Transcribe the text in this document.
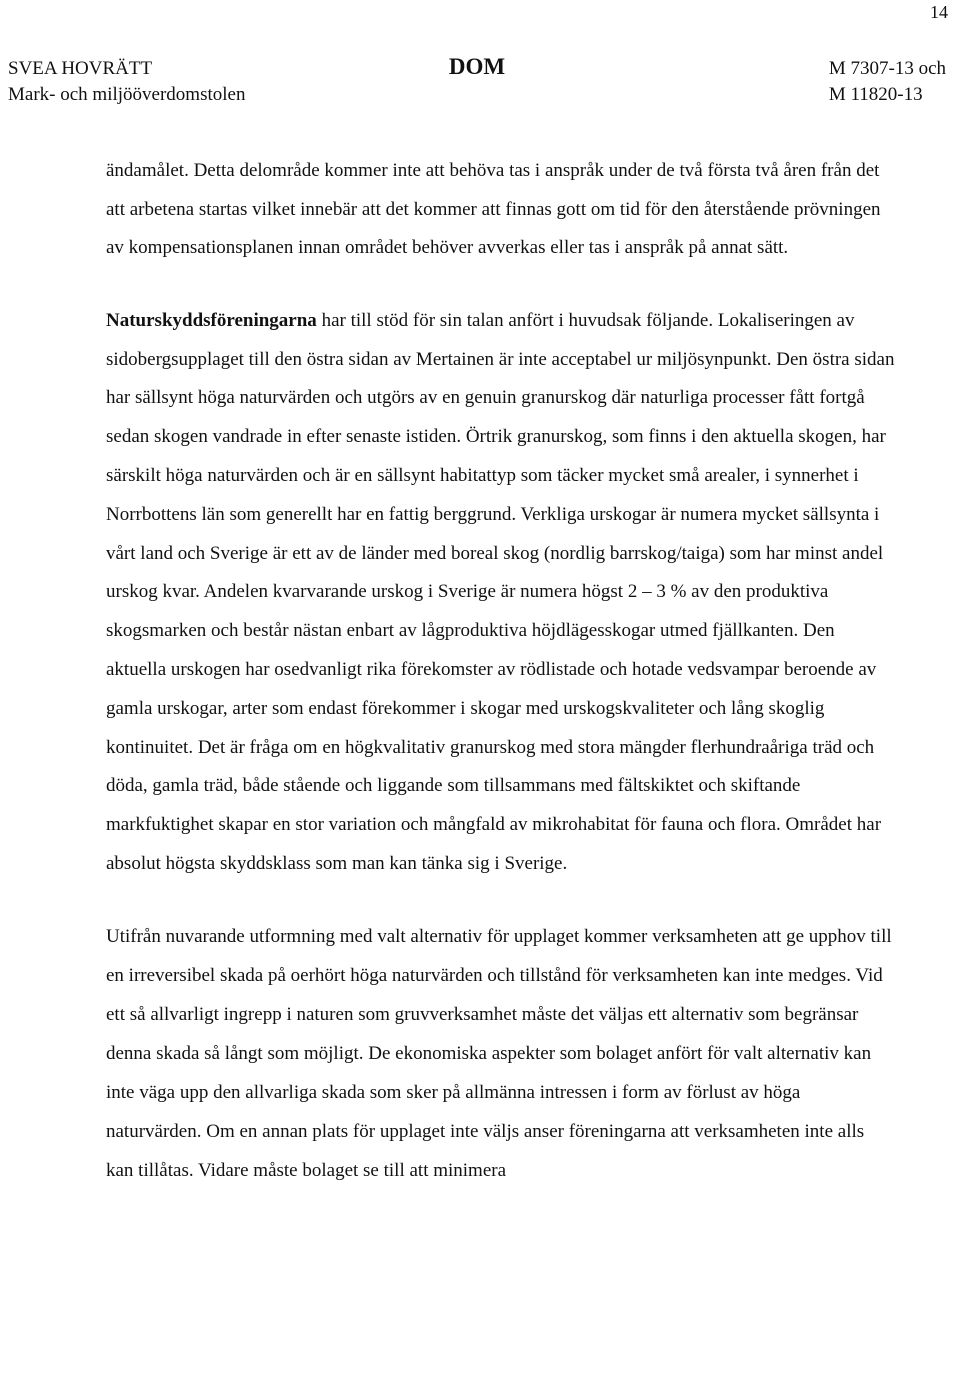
14
SVEA HOVRÄTT
Mark- och miljööverdomstolen
DOM	M 7307-13 och
M 11820-13

ändamålet. Detta delområde kommer inte att behöva tas i anspråk under de två första två åren från det att arbetena startas vilket innebär att det kommer att finnas gott om tid för den återstående prövningen av kompensationsplanen innan området behöver avverkas eller tas i anspråk på annat sätt.

Naturskyddsföreningarna har till stöd för sin talan anfört i huvudsak följande. Lokaliseringen av sidobergsupplaget till den östra sidan av Mertainen är inte acceptabel ur miljösynpunkt. Den östra sidan har sällsynt höga naturvärden och utgörs av en genuin granurskog där naturliga processer fått fortgå sedan skogen vandrade in efter senaste istiden. Örtrik granurskog, som finns i den aktuella skogen, har särskilt höga naturvärden och är en sällsynt habitattyp som täcker mycket små arealer, i synnerhet i Norrbottens län som generellt har en fattig berggrund. Verkliga urskogar är numera mycket sällsynta i vårt land och Sverige är ett av de länder med boreal skog (nordlig barrskog/taiga) som har minst andel urskog kvar. Andelen kvarvarande urskog i Sverige är numera högst 2 – 3 % av den produktiva skogsmarken och består nästan enbart av lågproduktiva höjdlägesskogar utmed fjällkanten. Den aktuella urskogen har osedvanligt rika förekomster av rödlistade och hotade vedsvampar beroende av gamla urskogar, arter som endast förekommer i skogar med urskogskvaliteter och lång skoglig kontinuitet. Det är fråga om en högkvalitativ granurskog med stora mängder flerhundraåriga träd och döda, gamla träd, både stående och liggande som tillsammans med fältskiktet och skiftande markfuktighet skapar en stor variation och mångfald av mikrohabitat för fauna och flora. Området har absolut högsta skyddsklass som man kan tänka sig i Sverige.

Utifrån nuvarande utformning med valt alternativ för upplaget kommer verksamheten att ge upphov till en irreversibel skada på oerhört höga naturvärden och tillstånd för verksamheten kan inte medges. Vid ett så allvarligt ingrepp i naturen som gruvverksamhet måste det väljas ett alternativ som begränsar denna skada så långt som möjligt. De ekonomiska aspekter som bolaget anfört för valt alternativ kan inte väga upp den allvarliga skada som sker på allmänna intressen i form av förlust av höga naturvärden. Om en annan plats för upplaget inte väljs anser föreningarna att verksamheten inte alls kan tillåtas. Vidare måste bolaget se till att minimera
